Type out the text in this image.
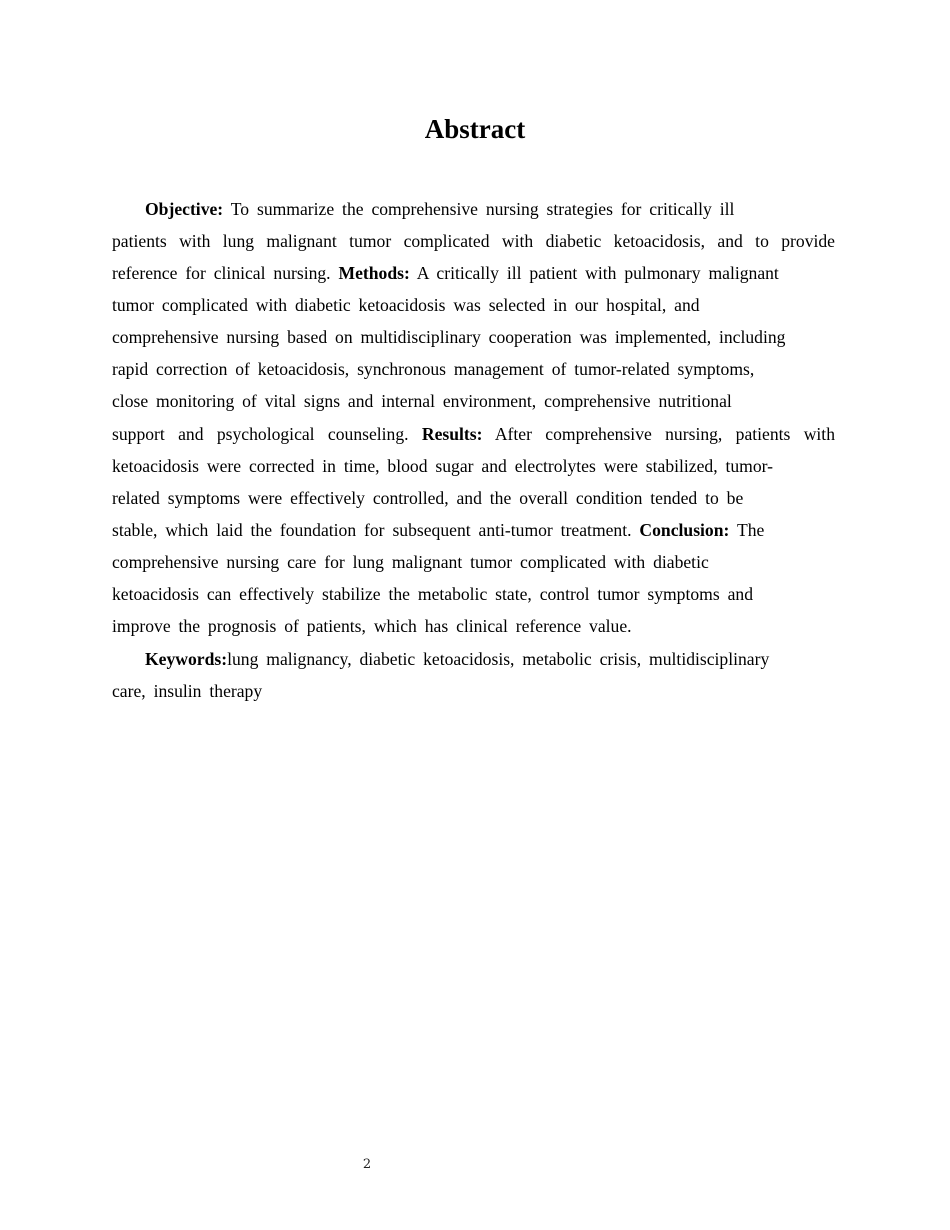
Abstract
Objective: To summarize the comprehensive nursing strategies for critically ill
patients with lung malignant tumor complicated with diabetic ketoacidosis, and to provide
reference for clinical nursing. Methods: A critically ill patient with pulmonary malignant
tumor complicated with diabetic ketoacidosis was selected in our hospital, and
comprehensive nursing based on multidisciplinary cooperation was implemented, including
rapid correction of ketoacidosis, synchronous management of tumor-related symptoms,
close monitoring of vital signs and internal environment, comprehensive nutritional
support and psychological counseling. Results: After comprehensive nursing, patients with
ketoacidosis were corrected in time, blood sugar and electrolytes were stabilized, tumor-
related symptoms were effectively controlled, and the overall condition tended to be
stable, which laid the foundation for subsequent anti-tumor treatment. Conclusion: The
comprehensive nursing care for lung malignant tumor complicated with diabetic
ketoacidosis can effectively stabilize the metabolic state, control tumor symptoms and
improve the prognosis of patients, which has clinical reference value.
Keywords:lung malignancy, diabetic ketoacidosis, metabolic crisis, multidisciplinary
care, insulin therapy
2
